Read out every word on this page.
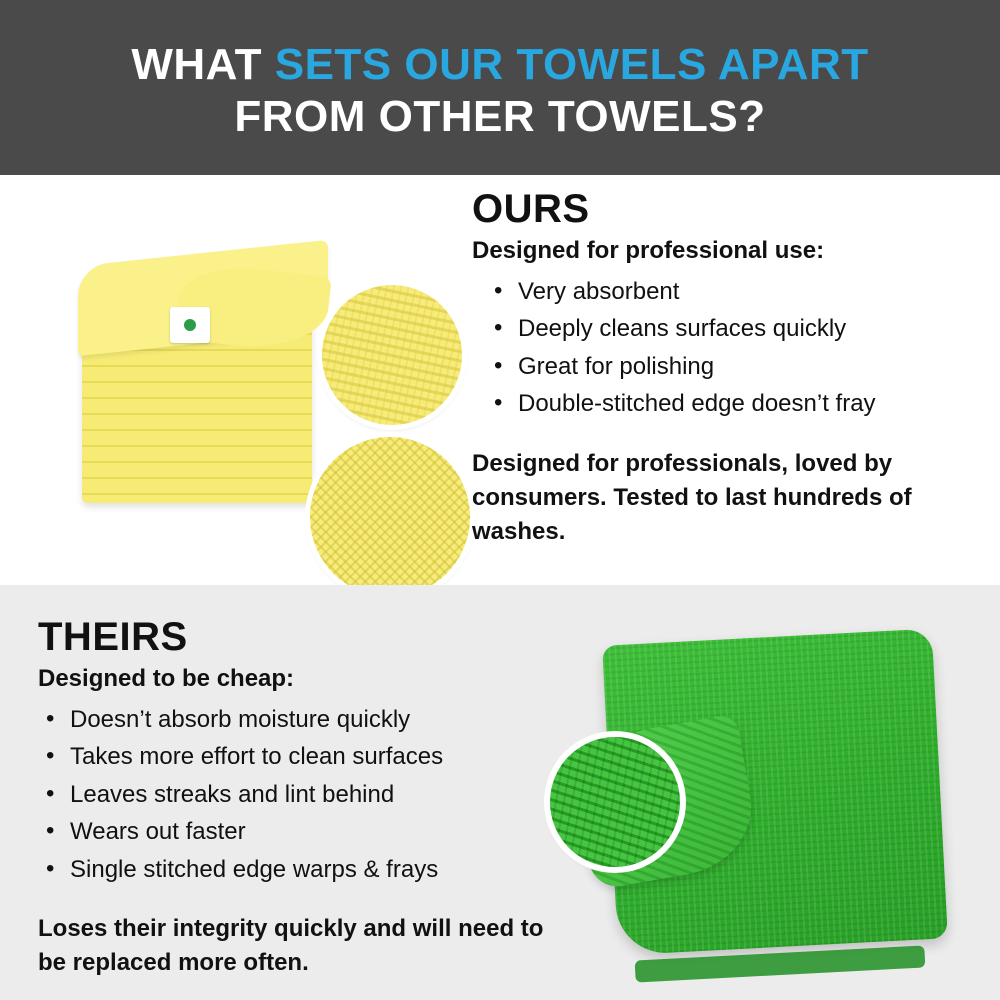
WHAT SETS OUR TOWELS APART
FROM OTHER TOWELS?
OURS
Designed for professional use:
• Very absorbent
• Deeply cleans surfaces quickly
• Great for polishing
• Double-stitched edge doesn’t fray
Designed for professionals, loved by consumers. Tested to last hundreds of washes.
THEIRS
Designed to be cheap:
• Doesn’t absorb moisture quickly
• Takes more effort to clean surfaces
• Leaves streaks and lint behind
• Wears out faster
• Single stitched edge warps & frays
Loses their integrity quickly and will need to be replaced more often.
